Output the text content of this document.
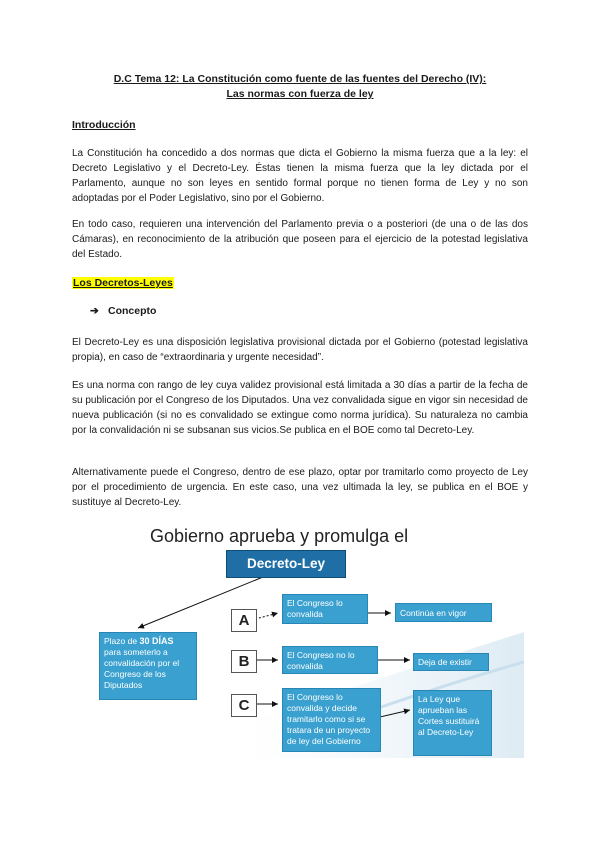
D.C Tema 12: La Constitución como fuente de las fuentes del Derecho (IV):
Las normas con fuerza de ley
Introducción

La Constitución ha concedido a dos normas que dicta el Gobierno la misma fuerza que a la ley: el Decreto Legislativo y el Decreto-Ley. Éstas tienen la misma fuerza que la ley dictada por el Parlamento, aunque no son leyes en sentido formal porque no tienen forma de Ley y no son adoptadas por el Poder Legislativo, sino por el Gobierno.

En todo caso, requieren una intervención del Parlamento previa o a posteriori (de una o de las dos Cámaras), en reconocimiento de la atribución que poseen para el ejercicio de la potestad legislativa del Estado.

Los Decretos-Leyes
➔ Concepto

El Decreto-Ley es una disposición legislativa provisional dictada por el Gobierno (potestad legislativa propia), en caso de “extraordinaria y urgente necesidad”.

Es una norma con rango de ley cuya validez provisional está limitada a 30 días a partir de la fecha de su publicación por el Congreso de los Diputados. Una vez convalidada sigue en vigor sin necesidad de nueva publicación (si no es convalidado se extingue como norma jurídica). Su naturaleza no cambia por la convalidación ni se subsanan sus vicios.Se publica en el BOE como tal Decreto-Ley.

Alternativamente puede el Congreso, dentro de ese plazo, optar por tramitarlo como proyecto de Ley por el procedimiento de urgencia. En este caso, una vez ultimada la ley, se publica en el BOE y sustituye al Decreto-Ley.

Gobierno aprueba y promulga el
Decreto-Ley
Plazo de 30 DÍAS para someterlo a convalidación por el Congreso de los Diputados
A
B
C
El Congreso lo convalida
El Congreso no lo convalida
El Congreso lo convalida y decide tramitarlo como si se tratara de un proyecto de ley del Gobierno
Continúa en vigor
Deja de existir
La Ley que aprueban las Cortes sustituirá al Decreto-Ley
